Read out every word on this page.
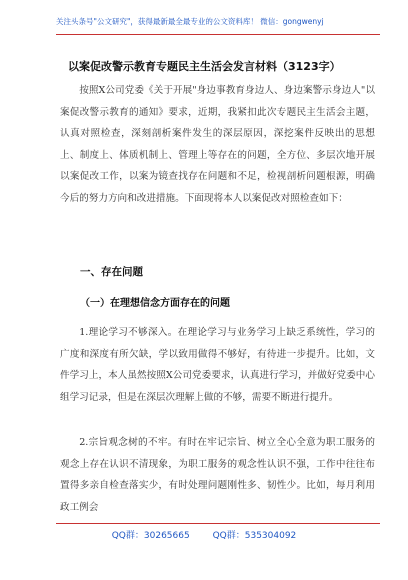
关注头条号"公文研究"，获得最新最全最专业的公文资料库！ 微信：gongwenyj
以案促改警示教育专题民主生活会发言材料（3123字）
按照X公司党委《关于开展"身边事教育身边人、身边案警示身边人"以案促改警示教育的通知》要求，近期，我紧扣此次专题民主生活会主题，认真对照检查，深刻剖析案件发生的深层原因，深挖案件反映出的思想上、制度上、体质机制上、管理上等存在的问题，全方位、多层次地开展以案促改工作，以案为镜查找存在问题和不足，检视剖析问题根源，明确今后的努力方向和改进措施。下面现将本人以案促改对照检查如下：
一、存在问题
（一）在理想信念方面存在的问题
1.理论学习不够深入。在理论学习与业务学习上缺乏系统性，学习的广度和深度有所欠缺，学以致用做得不够好，有待进一步提升。比如，文件学习上，本人虽然按照X公司党委要求，认真进行学习，并做好党委中心组学习记录，但是在深层次理解上做的不够，需要不断进行提升。
2.宗旨观念树的不牢。有时在牢记宗旨、树立全心全意为职工服务的观念上存在认识不清现象，为职工服务的观念性认识不强，工作中往往布置得多亲自检查落实少，有时处理问题刚性多、韧性少。比如，每月利用政工例会
QQ群：30265665	QQ群：535304092
